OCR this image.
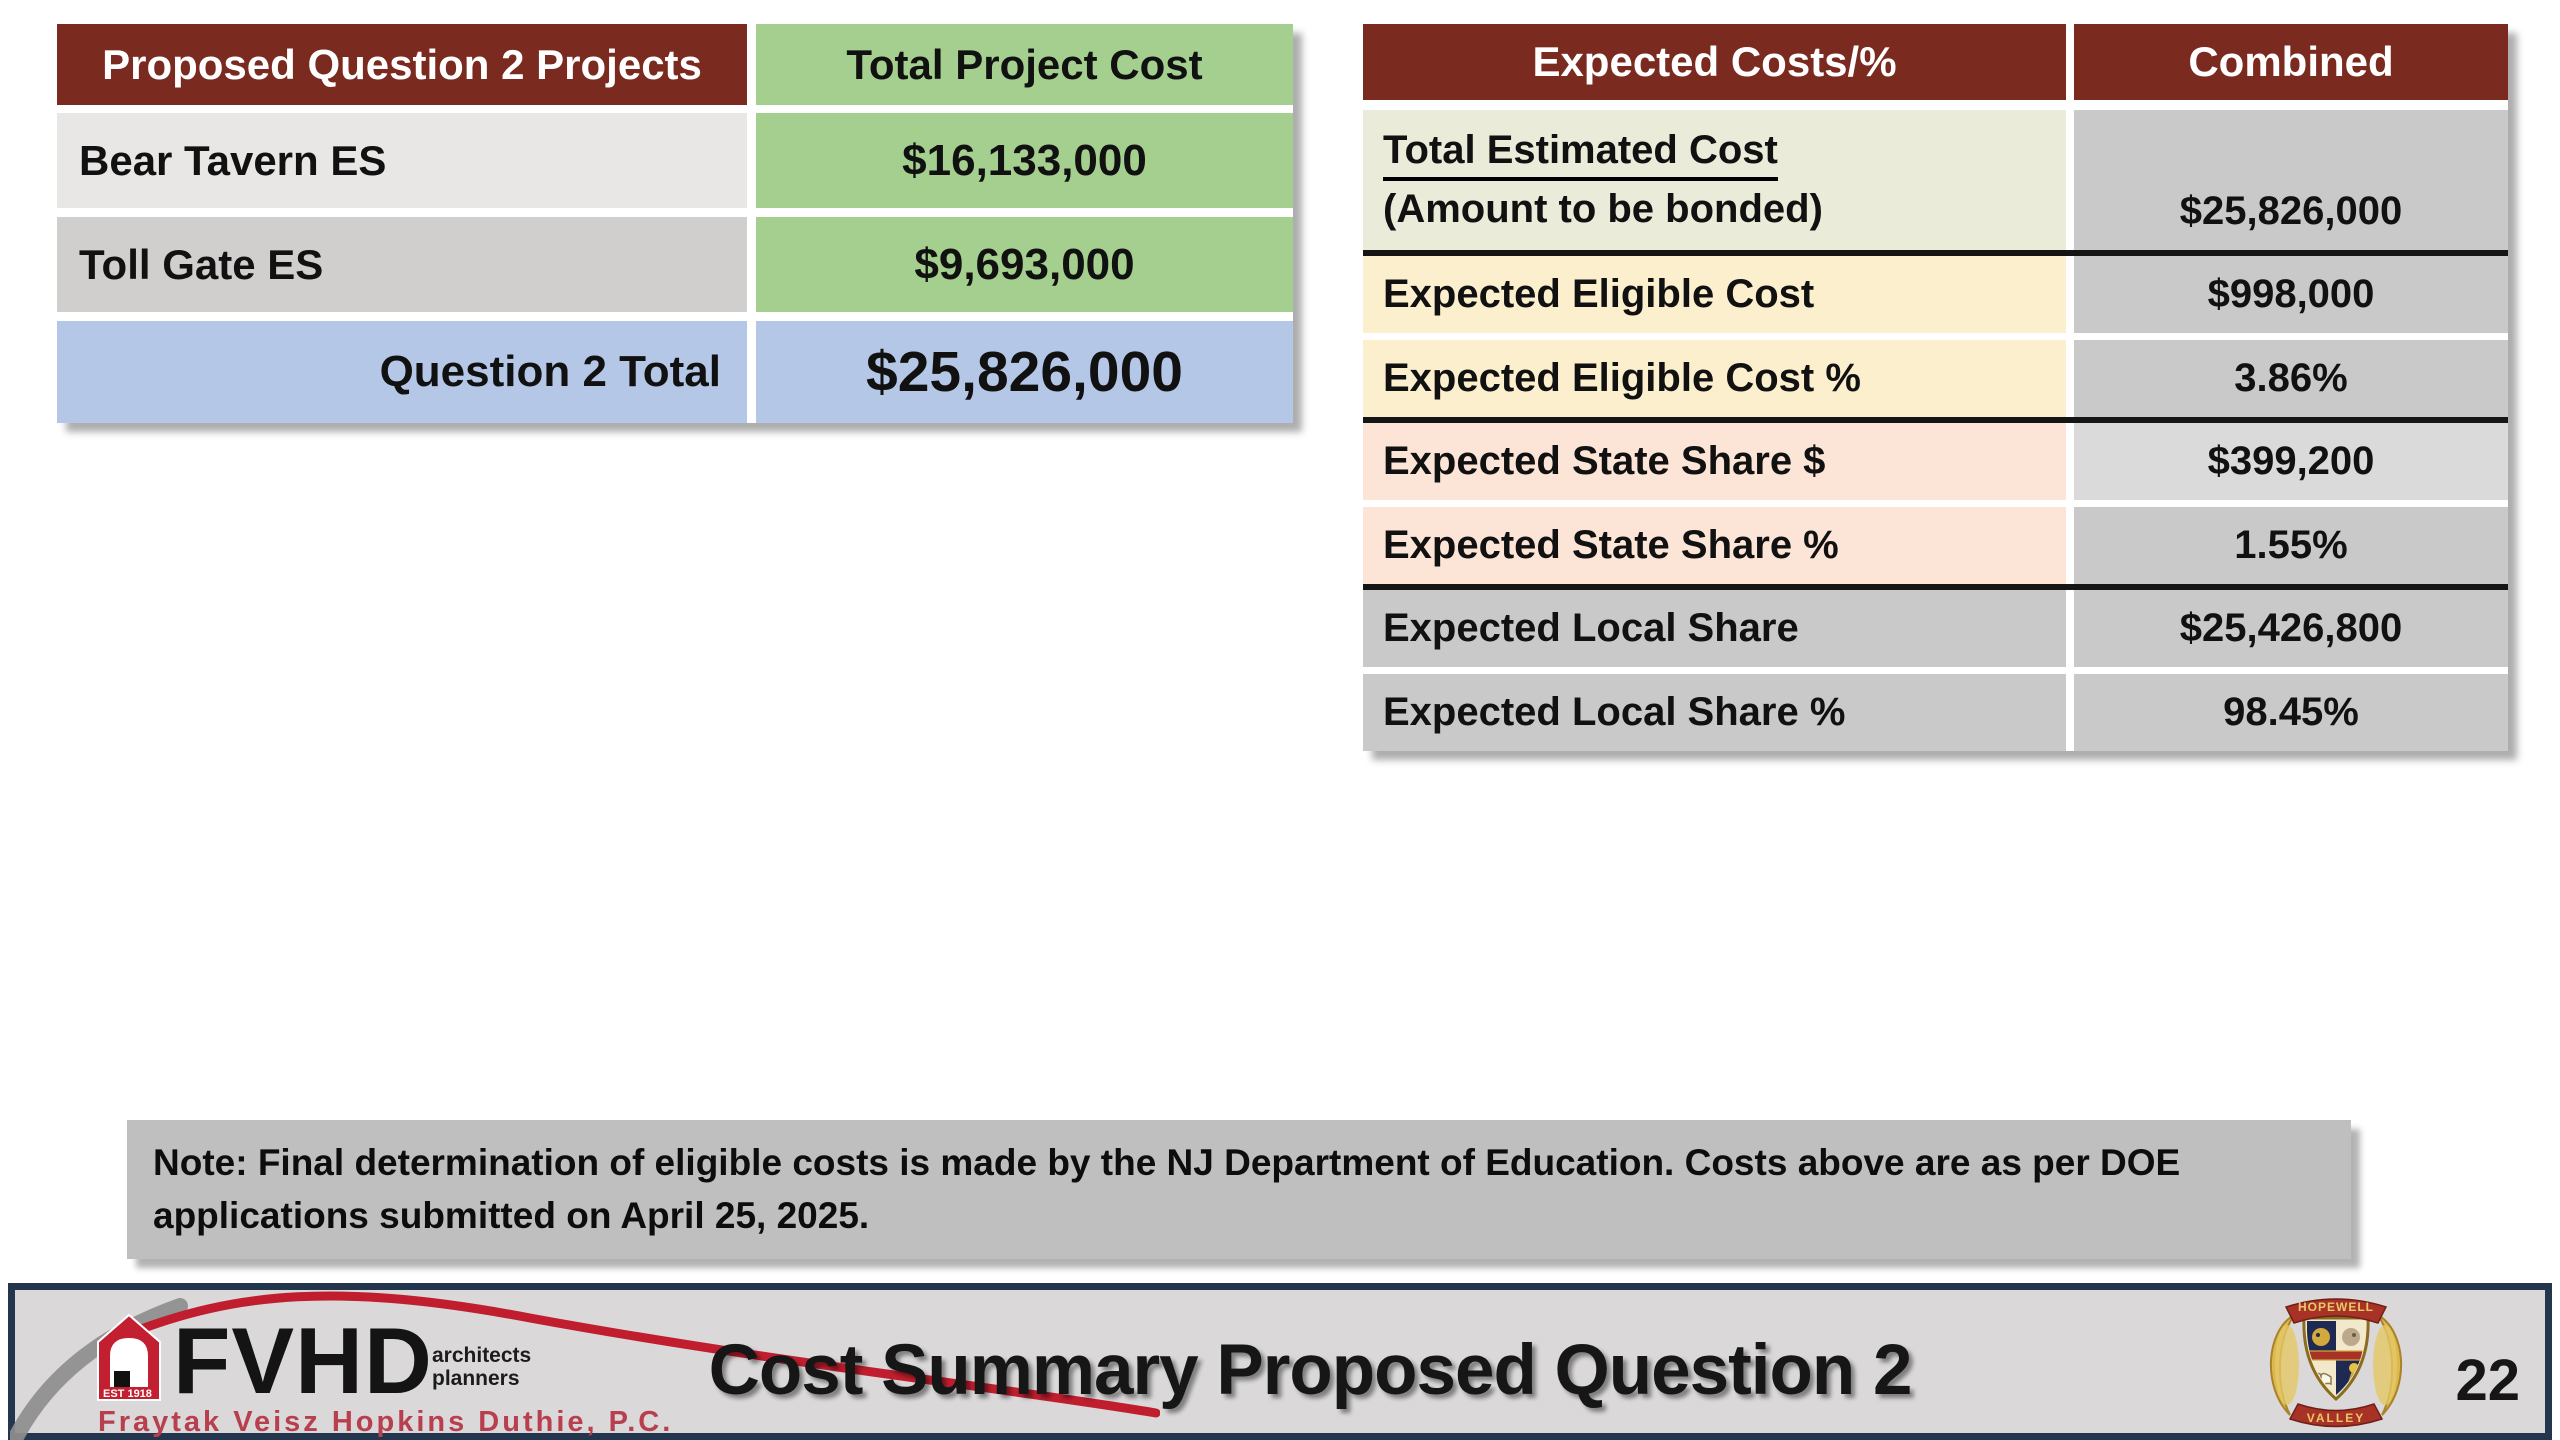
Proposed Question 2 Projects	Total Project Cost
Bear Tavern ES	$16,133,000
Toll Gate ES	$9,693,000
Question 2 Total	$25,826,000
Expected Costs/%	Combined
Total Estimated Cost
(Amount to be bonded)	$25,826,000
Expected Eligible Cost	$998,000
Expected Eligible Cost %	3.86%
Expected State Share $	$399,200
Expected State Share %	1.55%
Expected Local Share	$25,426,800
Expected Local Share %	98.45%
Note: Final determination of eligible costs is made by the NJ Department of Education. Costs above are as per DOE applications submitted on April 25, 2025.
EST 1918 FVHD architects
planners
Fraytak Veisz Hopkins Duthie, P.C.
Cost Summary Proposed Question 2
HOPEWELL
VALLEY
22
